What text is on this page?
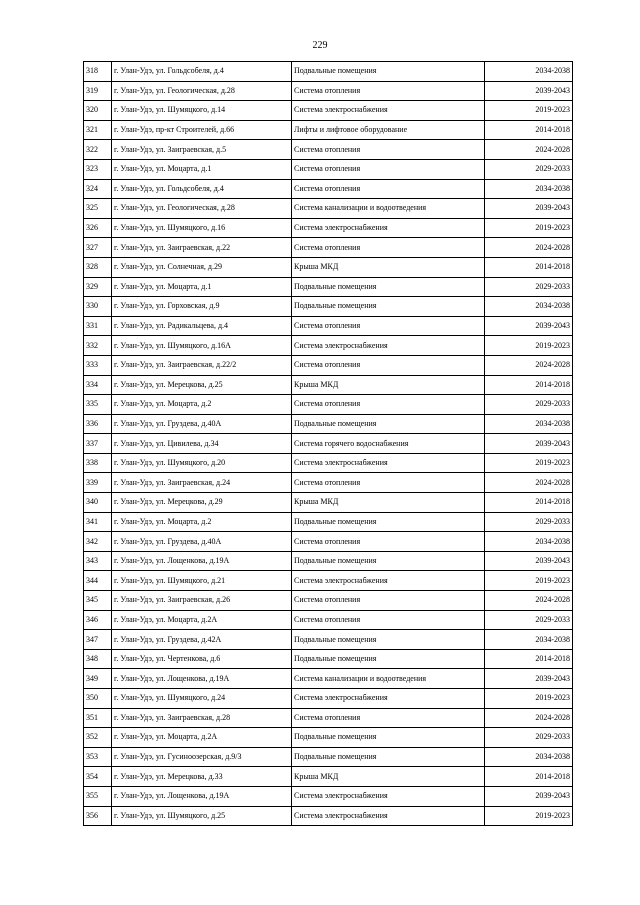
229
318	г. Улан-Удэ, ул. Гольдсобеля, д.4	Подвальные помещения	2034-2038
319	г. Улан-Удэ, ул. Геологическая, д.28	Система отопления	2039-2043
320	г. Улан-Удэ, ул. Шумяцкого, д.14	Система электроснабжения	2019-2023
321	г. Улан-Удэ, пр-кт Строителей, д.66	Лифты и лифтовое оборудование	2014-2018
322	г. Улан-Удэ, ул. Заиграевская, д.5	Система отопления	2024-2028
323	г. Улан-Удэ, ул. Моцарта, д.1	Система отопления	2029-2033
324	г. Улан-Удэ, ул. Гольдсобеля, д.4	Система отопления	2034-2038
325	г. Улан-Удэ, ул. Геологическая, д.28	Система канализации и водоотведения	2039-2043
326	г. Улан-Удэ, ул. Шумяцкого, д.16	Система электроснабжения	2019-2023
327	г. Улан-Удэ, ул. Заиграевская, д.22	Система отопления	2024-2028
328	г. Улан-Удэ, ул. Солнечная, д.29	Крыша МКД	2014-2018
329	г. Улан-Удэ, ул. Моцарта, д.1	Подвальные помещения	2029-2033
330	г. Улан-Удэ, ул. Горховская, д.9	Подвальные помещения	2034-2038
331	г. Улан-Удэ, ул. Радикальцева, д.4	Система отопления	2039-2043
332	г. Улан-Удэ, ул. Шумяцкого, д.16А	Система электроснабжения	2019-2023
333	г. Улан-Удэ, ул. Заиграевская, д.22/2	Система отопления	2024-2028
334	г. Улан-Удэ, ул. Мерецкова, д.25	Крыша МКД	2014-2018
335	г. Улан-Удэ, ул. Моцарта, д.2	Система отопления	2029-2033
336	г. Улан-Удэ, ул. Груздева, д.40А	Подвальные помещения	2034-2038
337	г. Улан-Удэ, ул. Цивилева, д.34	Система горячего водоснабжения	2039-2043
338	г. Улан-Удэ, ул. Шумяцкого, д.20	Система электроснабжения	2019-2023
339	г. Улан-Удэ, ул. Заиграевская, д.24	Система отопления	2024-2028
340	г. Улан-Удэ, ул. Мерецкова, д.29	Крыша МКД	2014-2018
341	г. Улан-Удэ, ул. Моцарта, д.2	Подвальные помещения	2029-2033
342	г. Улан-Удэ, ул. Груздева, д.40А	Система отопления	2034-2038
343	г. Улан-Удэ, ул. Лощенкова, д.19А	Подвальные помещения	2039-2043
344	г. Улан-Удэ, ул. Шумяцкого, д.21	Система электроснабжения	2019-2023
345	г. Улан-Удэ, ул. Заиграевская, д.26	Система отопления	2024-2028
346	г. Улан-Удэ, ул. Моцарта, д.2А	Система отопления	2029-2033
347	г. Улан-Удэ, ул. Груздева, д.42А	Подвальные помещения	2034-2038
348	г. Улан-Удэ, ул. Чертенкова, д.6	Подвальные помещения	2014-2018
349	г. Улан-Удэ, ул. Лощенкова, д.19А	Система канализации и водоотведения	2039-2043
350	г. Улан-Удэ, ул. Шумяцкого, д.24	Система электроснабжения	2019-2023
351	г. Улан-Удэ, ул. Заиграевская, д.28	Система отопления	2024-2028
352	г. Улан-Удэ, ул. Моцарта, д.2А	Подвальные помещения	2029-2033
353	г. Улан-Удэ, ул. Гусиноозерская, д.9/3	Подвальные помещения	2034-2038
354	г. Улан-Удэ, ул. Мерецкова, д.33	Крыша МКД	2014-2018
355	г. Улан-Удэ, ул. Лощенкова, д.19А	Система электроснабжения	2039-2043
356	г. Улан-Удэ, ул. Шумяцкого, д.25	Система электроснабжения	2019-2023
